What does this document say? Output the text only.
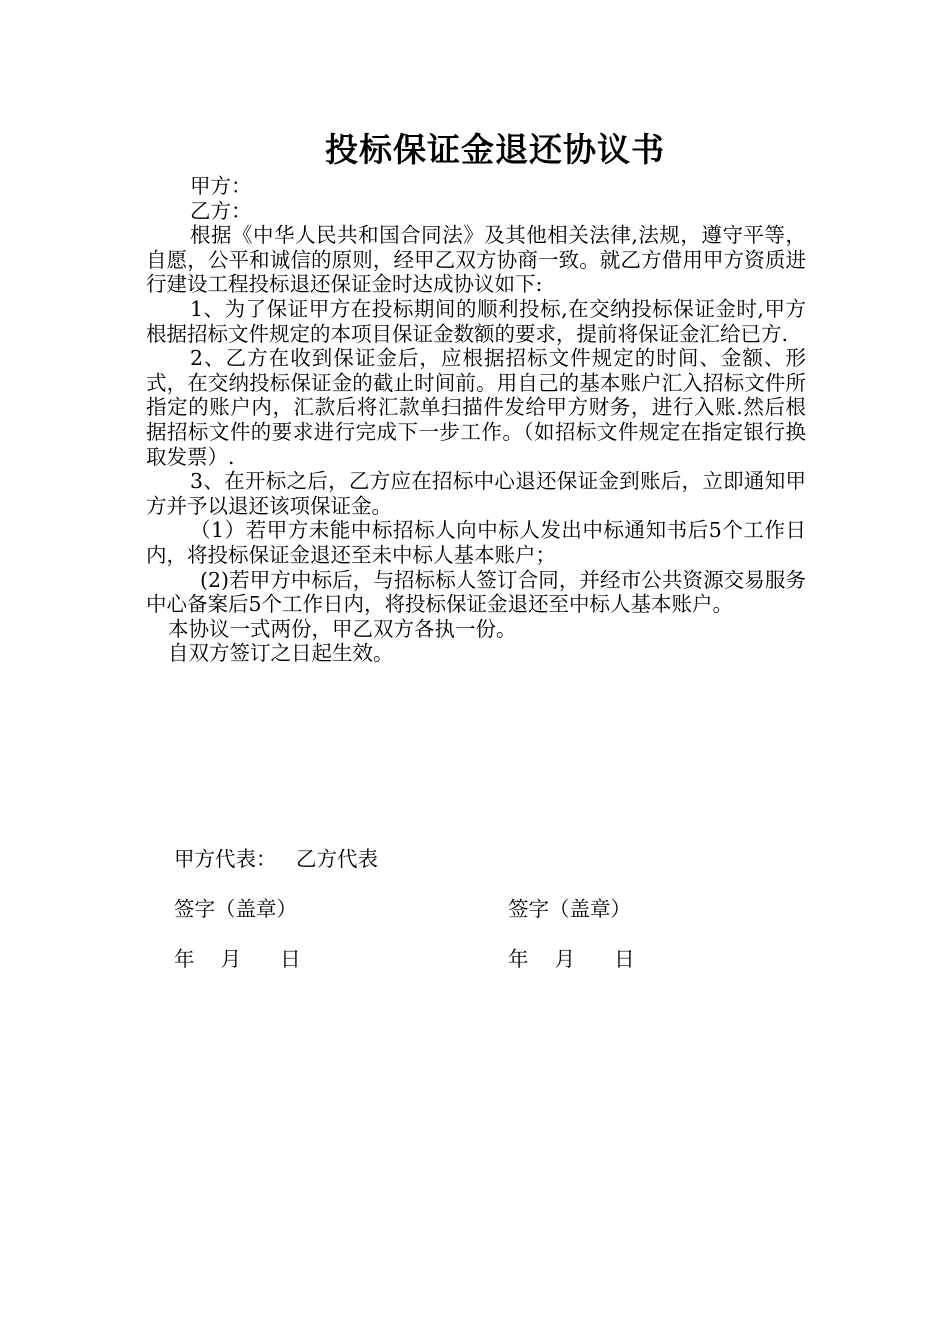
投标保证金退还协议书

甲方：

乙方：

根据《中华人民共和国合同法》及其他相关法律,法规，遵守平等，自愿，公平和诚信的原则，经甲乙双方协商一致。就乙方借用甲方资质进行建设工程投标退还保证金时达成协议如下:

1、为了保证甲方在投标期间的顺利投标,在交纳投标保证金时,甲方根据招标文件规定的本项目保证金数额的要求，提前将保证金汇给已方.

2、乙方在收到保证金后，应根据招标文件规定的时间、金额、形式，在交纳投标保证金的截止时间前。用自己的基本账户汇入招标文件所指定的账户内，汇款后将汇款单扫描件发给甲方财务，进行入账.然后根据招标文件的要求进行完成下一步工作。（如招标文件规定在指定银行换取发票）.

3、在开标之后，乙方应在招标中心退还保证金到账后，立即通知甲方并予以退还该项保证金。

（1）若甲方未能中标招标人向中标人发出中标通知书后5个工作日内，将投标保证金退还至未中标人基本账户；

(2)若甲方中标后，与招标标人签订合同，并经市公共资源交易服务中心备案后5个工作日内，将投标保证金退还至中标人基本账户。

本协议一式两份，甲乙双方各执一份。

自双方签订之日起生效。

甲方代表：   乙方代表
签字（盖章）	签字（盖章）
年    月      日	年    月      日
